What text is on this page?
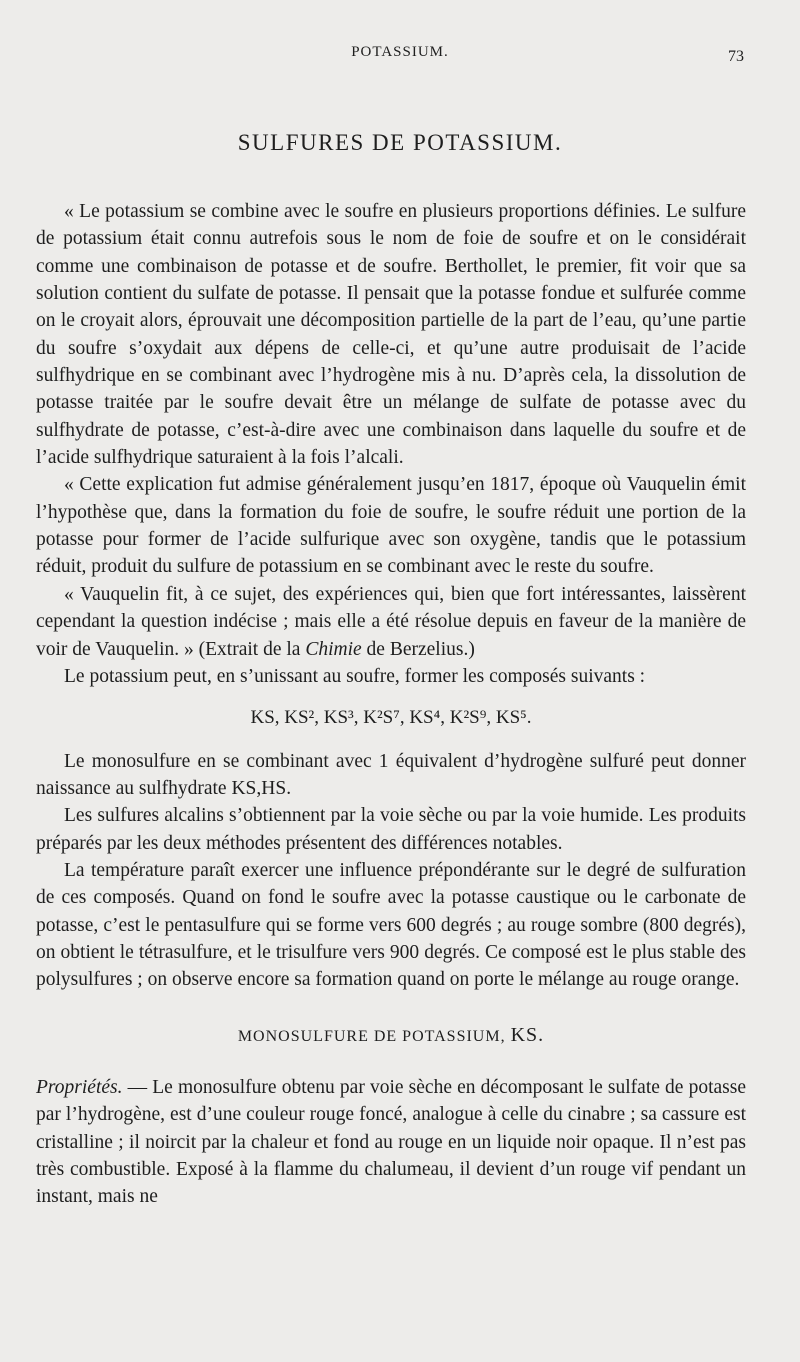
POTASSIUM.	73
SULFURES DE POTASSIUM.

« Le potassium se combine avec le soufre en plusieurs proportions définies. Le sulfure de potassium était connu autrefois sous le nom de foie de soufre et on le considérait comme une combinaison de potasse et de soufre. Berthollet, le premier, fit voir que sa solution contient du sulfate de potasse. Il pensait que la potasse fondue et sulfurée comme on le croyait alors, éprouvait une décomposition partielle de la part de l’eau, qu’une partie du soufre s’oxydait aux dépens de celle-ci, et qu’une autre produisait de l’acide sulfhydrique en se combinant avec l’hydrogène mis à nu. D’après cela, la dissolution de potasse traitée par le soufre devait être un mélange de sulfate de potasse avec du sulfhydrate de potasse, c’est-à-dire avec une combinaison dans laquelle du soufre et de l’acide sulfhydrique saturaient à la fois l’alcali.

« Cette explication fut admise généralement jusqu’en 1817, époque où Vauquelin émit l’hypothèse que, dans la formation du foie de soufre, le soufre réduit une portion de la potasse pour former de l’acide sulfurique avec son oxygène, tandis que le potassium réduit, produit du sulfure de potassium en se combinant avec le reste du soufre.

« Vauquelin fit, à ce sujet, des expériences qui, bien que fort intéressantes, laissèrent cependant la question indécise ; mais elle a été résolue depuis en faveur de la manière de voir de Vauquelin. » (Extrait de la Chimie de Berzelius.)

Le potassium peut, en s’unissant au soufre, former les composés suivants :

KS, KS², KS³, K²S⁷, KS⁴, K²S⁹, KS⁵.

Le monosulfure en se combinant avec 1 équivalent d’hydrogène sulfuré peut donner naissance au sulfhydrate KS,HS.

Les sulfures alcalins s’obtiennent par la voie sèche ou par la voie humide. Les produits préparés par les deux méthodes présentent des différences notables.

La température paraît exercer une influence prépondérante sur le degré de sulfuration de ces composés. Quand on fond le soufre avec la potasse caustique ou le carbonate de potasse, c’est le pentasulfure qui se forme vers 600 degrés ; au rouge sombre (800 degrés), on obtient le tétrasulfure, et le trisulfure vers 900 degrés. Ce composé est le plus stable des polysulfures ; on observe encore sa formation quand on porte le mélange au rouge orange.

MONOSULFURE DE POTASSIUM, KS.

Propriétés. — Le monosulfure obtenu par voie sèche en décomposant le sulfate de potasse par l’hydrogène, est d’une couleur rouge foncé, analogue à celle du cinabre ; sa cassure est cristalline ; il noircit par la chaleur et fond au rouge en un liquide noir opaque. Il n’est pas très combustible. Exposé à la flamme du chalumeau, il devient d’un rouge vif pendant un instant, mais ne
